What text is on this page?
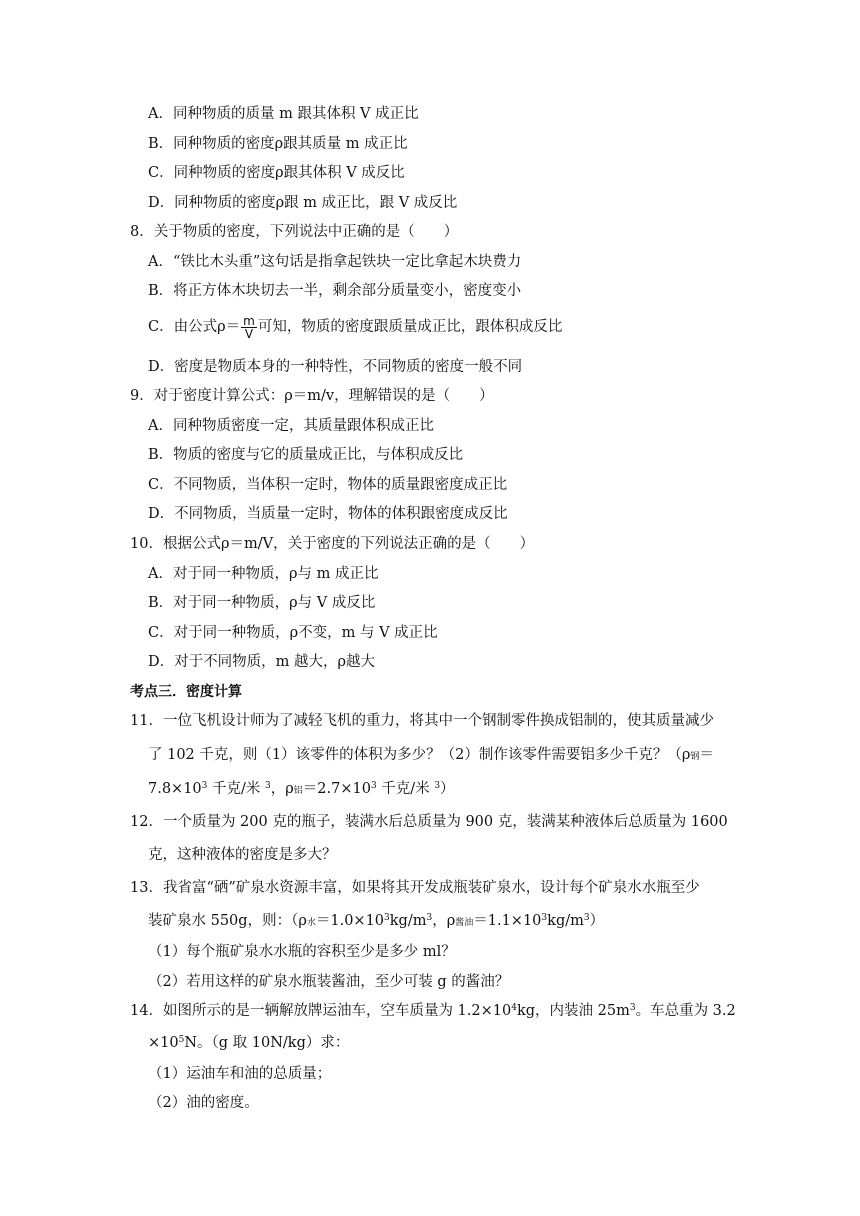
A．同种物质的质量 m 跟其体积 V 成正比
B．同种物质的密度ρ跟其质量 m 成正比
C．同种物质的密度ρ跟其体积 V 成反比
D．同种物质的密度ρ跟 m 成正比，跟 V 成反比
8．关于物质的密度，下列说法中正确的是（　　）
A．“铁比木头重”这句话是指拿起铁块一定比拿起木块费力
B．将正方体木块切去一半，剩余部分质量变小，密度变小
C．由公式$\rho= \frac{m}{V}$ 可知，物质的密度跟质量成正比，跟体积成反比
D．密度是物质本身的一种特性，不同物质的密度一般不同
9．对于密度计算公式：ρ＝m/v，理解错误的是（　　）
A．同种物质密度一定，其质量跟体积成正比
B．物质的密度与它的质量成正比，与体积成反比
C．不同物质，当体积一定时，物体的质量跟密度成正比
D．不同物质，当质量一定时，物体的体积跟密度成反比
10．根据公式ρ＝m/V，关于密度的下列说法正确的是（　　）
A．对于同一种物质，ρ与 m 成正比
B．对于同一种物质，ρ与 V 成反比
C．对于同一种物质，ρ不变，m 与 V 成正比
D．对于不同物质，m 越大，ρ越大
考点三．密度计算
11．一位飞机设计师为了减轻飞机的重力，将其中一个钢制零件换成铝制的，使其质量减少
了 102 千克，则（1）该零件的体积为多少？（2）制作该零件需要铝多少千克？（$\rho_钢=$
$7.8\times 10^3$ 千克/米 $^3$，$\rho_铝=2.7\times 10^3$ 千克/米 $^3$）
12．一个质量为 200 克的瓶子，装满水后总质量为 900 克，装满某种液体后总质量为 1600
克，这种液体的密度是多大？
13．我省富“硒”矿泉水资源丰富，如果将其开发成瓶装矿泉水，设计每个矿泉水水瓶至少
装矿泉水 550g，则：（$\rho_水=1.0\times 10^3kg/m^3$，$\rho_{酱油}=1.1\times 10^3kg/m^3$）
（1）每个瓶矿泉水水瓶的容积至少是多少 ml？
（2）若用这样的矿泉水瓶装酱油，至少可装 g 的酱油？
14．如图所示的是一辆解放牌运油车，空车质量为 $1.2\times 10^4kg$，内装油 $25m^3$。车总重为 3.2
$\times 10^5N$。（g 取 10N/kg）求：
（1）运油车和油的总质量；
（2）油的密度。
